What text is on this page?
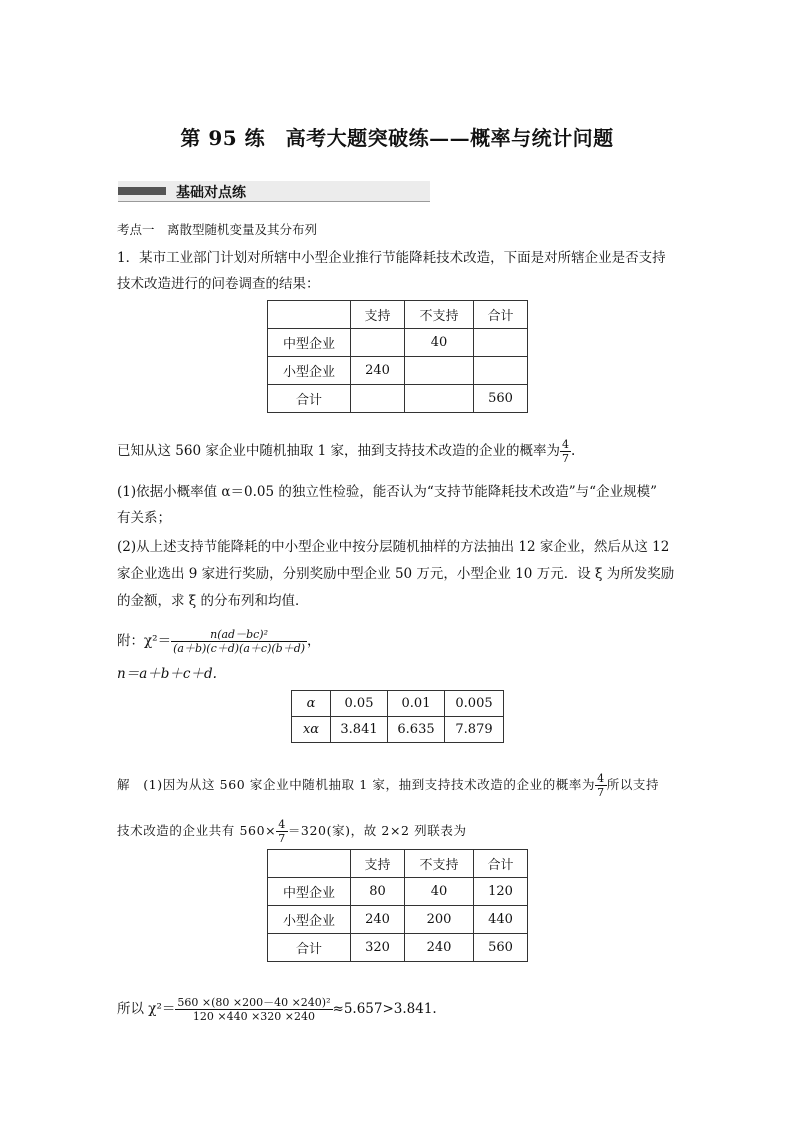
第 95 练　高考大题突破练——概率与统计问题
基础对点练
考点一　离散型随机变量及其分布列
1．某市工业部门计划对所辖中小型企业推行节能降耗技术改造，下面是对所辖企业是否支持
技术改造进行的问卷调查的结果：
	支持	不支持	合计
中型企业		40	
小型企业	240		
合计			560
已知从这 560 家企业中随机抽取 1 家，抽到支持技术改造的企业的概率为 $\frac{4}{7}$ .
(1)依据小概率值 α＝0.05 的独立性检验，能否认为“支持节能降耗技术改造”与“企业规模”
有关系；
(2)从上述支持节能降耗的中小型企业中按分层随机抽样的方法抽出 12 家企业，然后从这 12
家企业选出 9 家进行奖励，分别奖励中型企业 50 万元，小型企业 10 万元．设 ξ 为所发奖励
的金额，求 ξ 的分布列和均值．
附：$\chi^2= \frac{\text{n(ad－bc)²}}{(a+b)(c+d)(a+c)(b+d)}$ ，
n＝a＋b＋c＋d.
α	0.05	0.01	0.005
xα	3.841	6.635	7.879
解　(1)因为从这 560 家企业中随机抽取 1 家，抽到支持技术改造的企业的概率为 $\frac{4}{7}$ 所以支持
技术改造的企业共有 $560\times \frac{4}{7} =320$(家)，故 2×2 列联表为
	支持	不支持	合计
中型企业	80	40	120
小型企业	240	200	440
合计	320	240	560
所以 $\chi^2= \frac{\text{560 ×(80 ×200－40 ×240)²}}{120 \times 440 \times 320 \times 240} \approx 5.657>3.841$.
